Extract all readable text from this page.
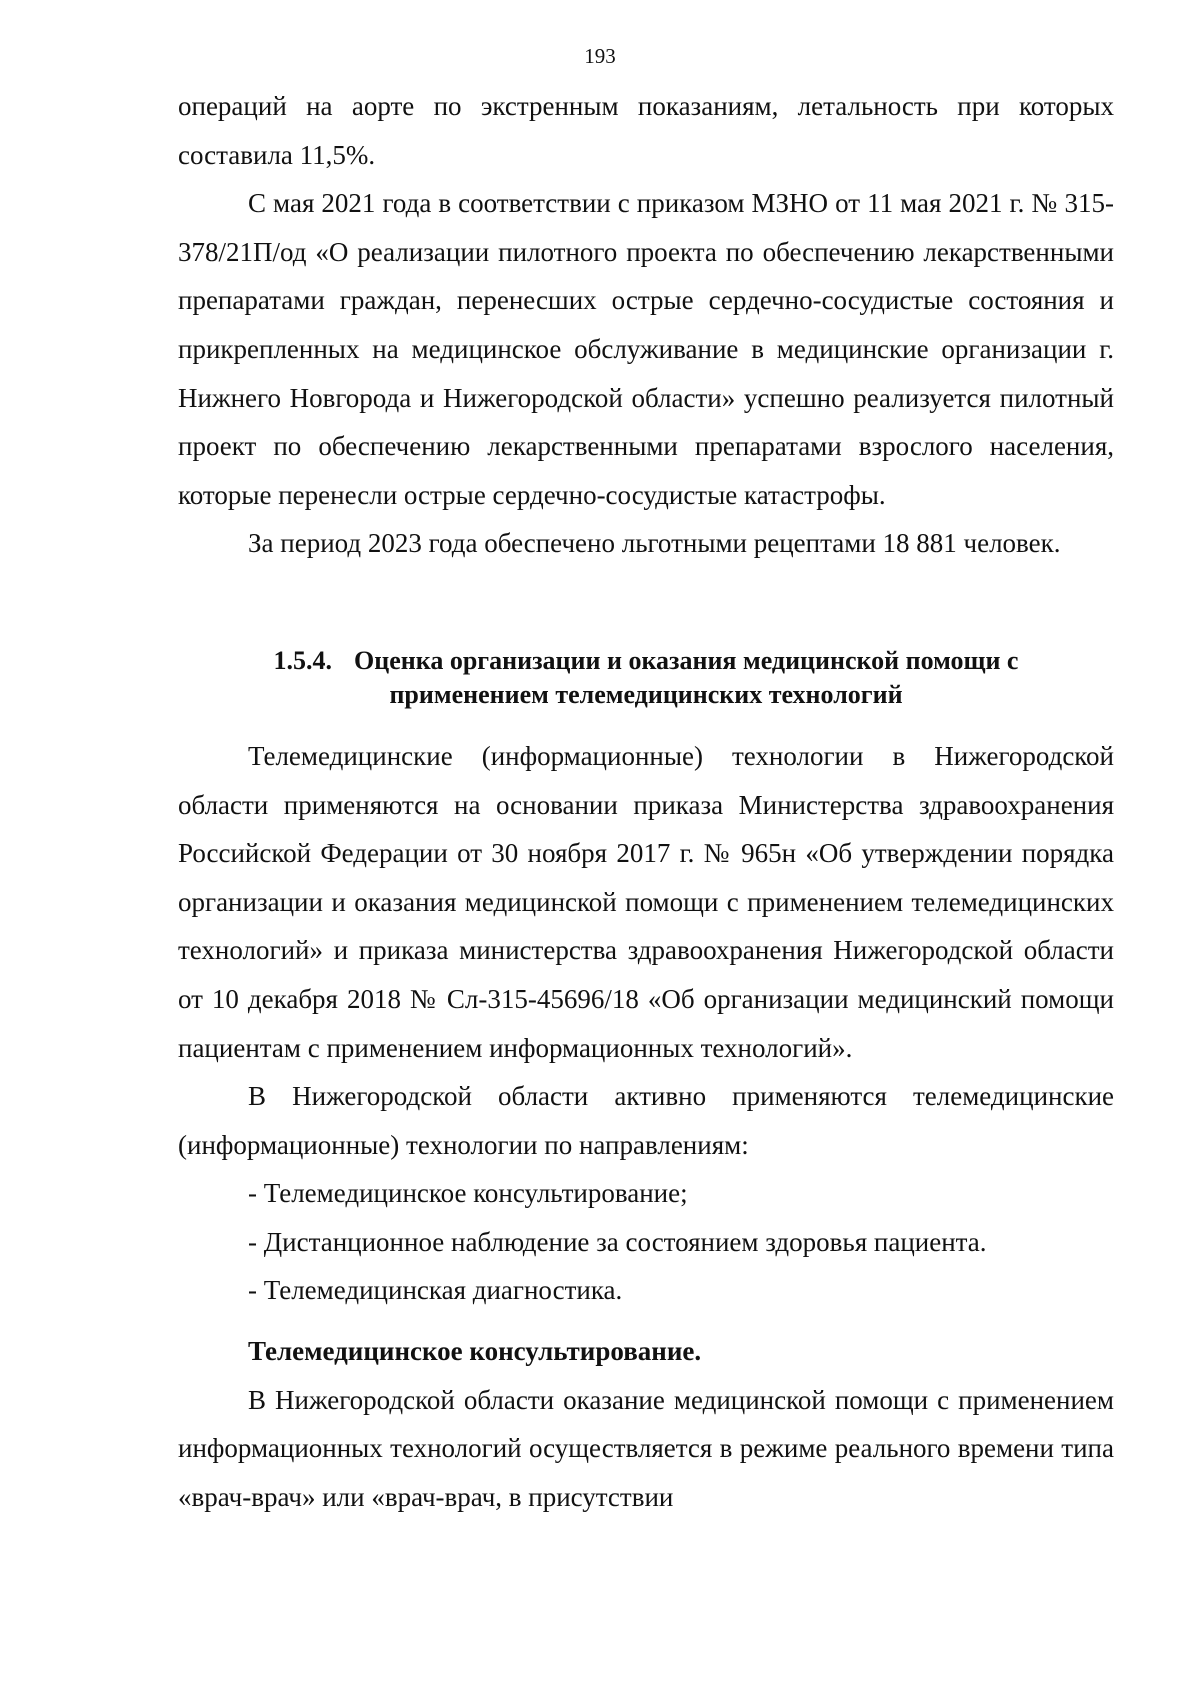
193

операций на аорте по экстренным показаниям, летальность при которых составила 11,5%.

С мая 2021 года в соответствии с приказом МЗНО от 11 мая 2021 г. № 315-378/21П/од «О реализации пилотного проекта по обеспечению лекарственными препаратами граждан, перенесших острые сердечно-сосудистые состояния и прикрепленных на медицинское обслуживание в медицинские организации г. Нижнего Новгорода и Нижегородской области» успешно реализуется пилотный проект по обеспечению лекарственными препаратами взрослого населения, которые перенесли острые сердечно-сосудистые катастрофы.

За период 2023 года обеспечено льготными рецептами 18 881 человек.

1.5.4. Оценка организации и оказания медицинской помощи с
применением телемедицинских технологий

Телемедицинские (информационные) технологии в Нижегородской области применяются на основании приказа Министерства здравоохранения Российской Федерации от 30 ноября 2017 г. № 965н «Об утверждении порядка организации и оказания медицинской помощи с применением телемедицинских технологий» и приказа министерства здравоохранения Нижегородской области от 10 декабря 2018 № Сл-315-45696/18 «Об организации медицинский помощи пациентам с применением информационных технологий».

В Нижегородской области активно применяются телемедицинские (информационные) технологии по направлениям:

- Телемедицинское консультирование;

- Дистанционное наблюдение за состоянием здоровья пациента.

- Телемедицинская диагностика.

Телемедицинское консультирование.

В Нижегородской области оказание медицинской помощи с применением информационных технологий осуществляется в режиме реального времени типа «врач-врач» или «врач-врач, в присутствии
